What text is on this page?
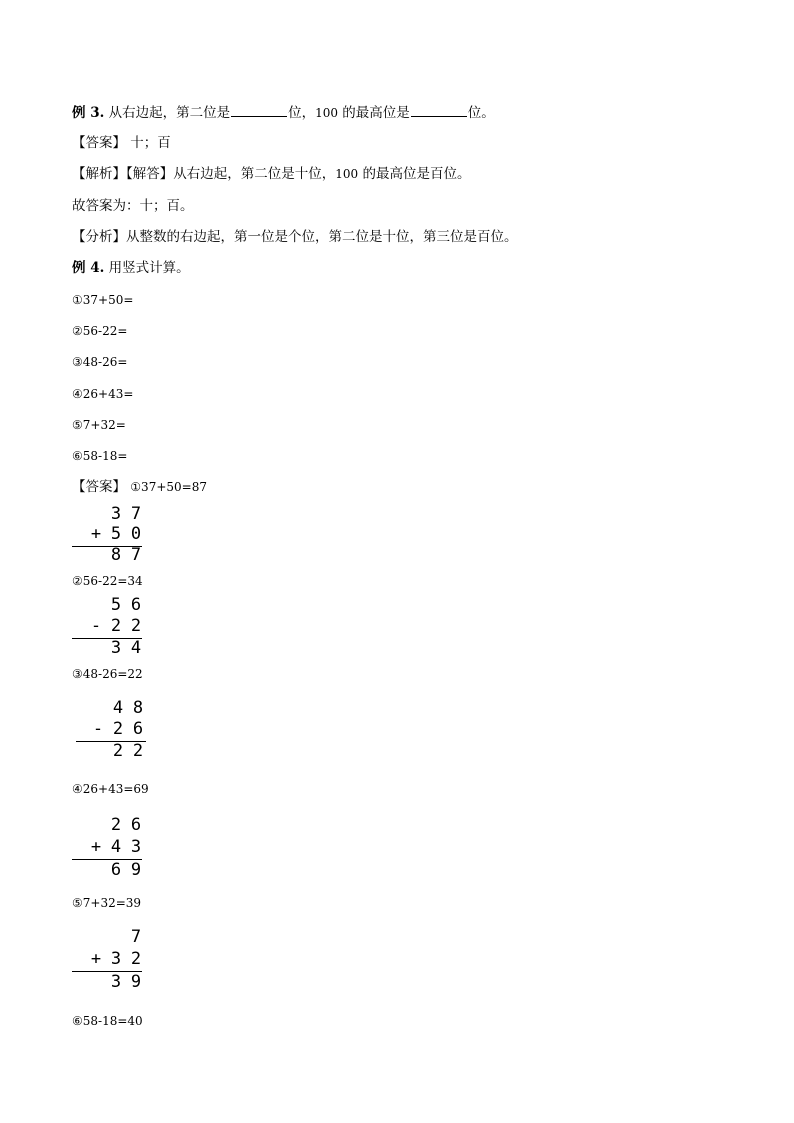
例 3. 从右边起，第二位是	位，100 的最高位是	位。
【答案】 十；百
【解析】【解答】从右边起，第二位是十位，100 的最高位是百位。
故答案为：十；百。
【分析】从整数的右边起，第一位是个位，第二位是十位，第三位是百位。
例 4. 用竖式计算。
①37+50=
②56-22=
③48-26=
④26+43=
⑤7+32=
⑥58-18=
【答案】 ①37+50=87
3 7
+ 5 0
8 7
②56-22=34
5 6
- 2 2
3 4
③48-26=22
4 8
- 2 6
2 2
④26+43=69
2 6
+ 4 3
6 9
⑤7+32=39
7
+ 3 2
3 9
⑥58-18=40
